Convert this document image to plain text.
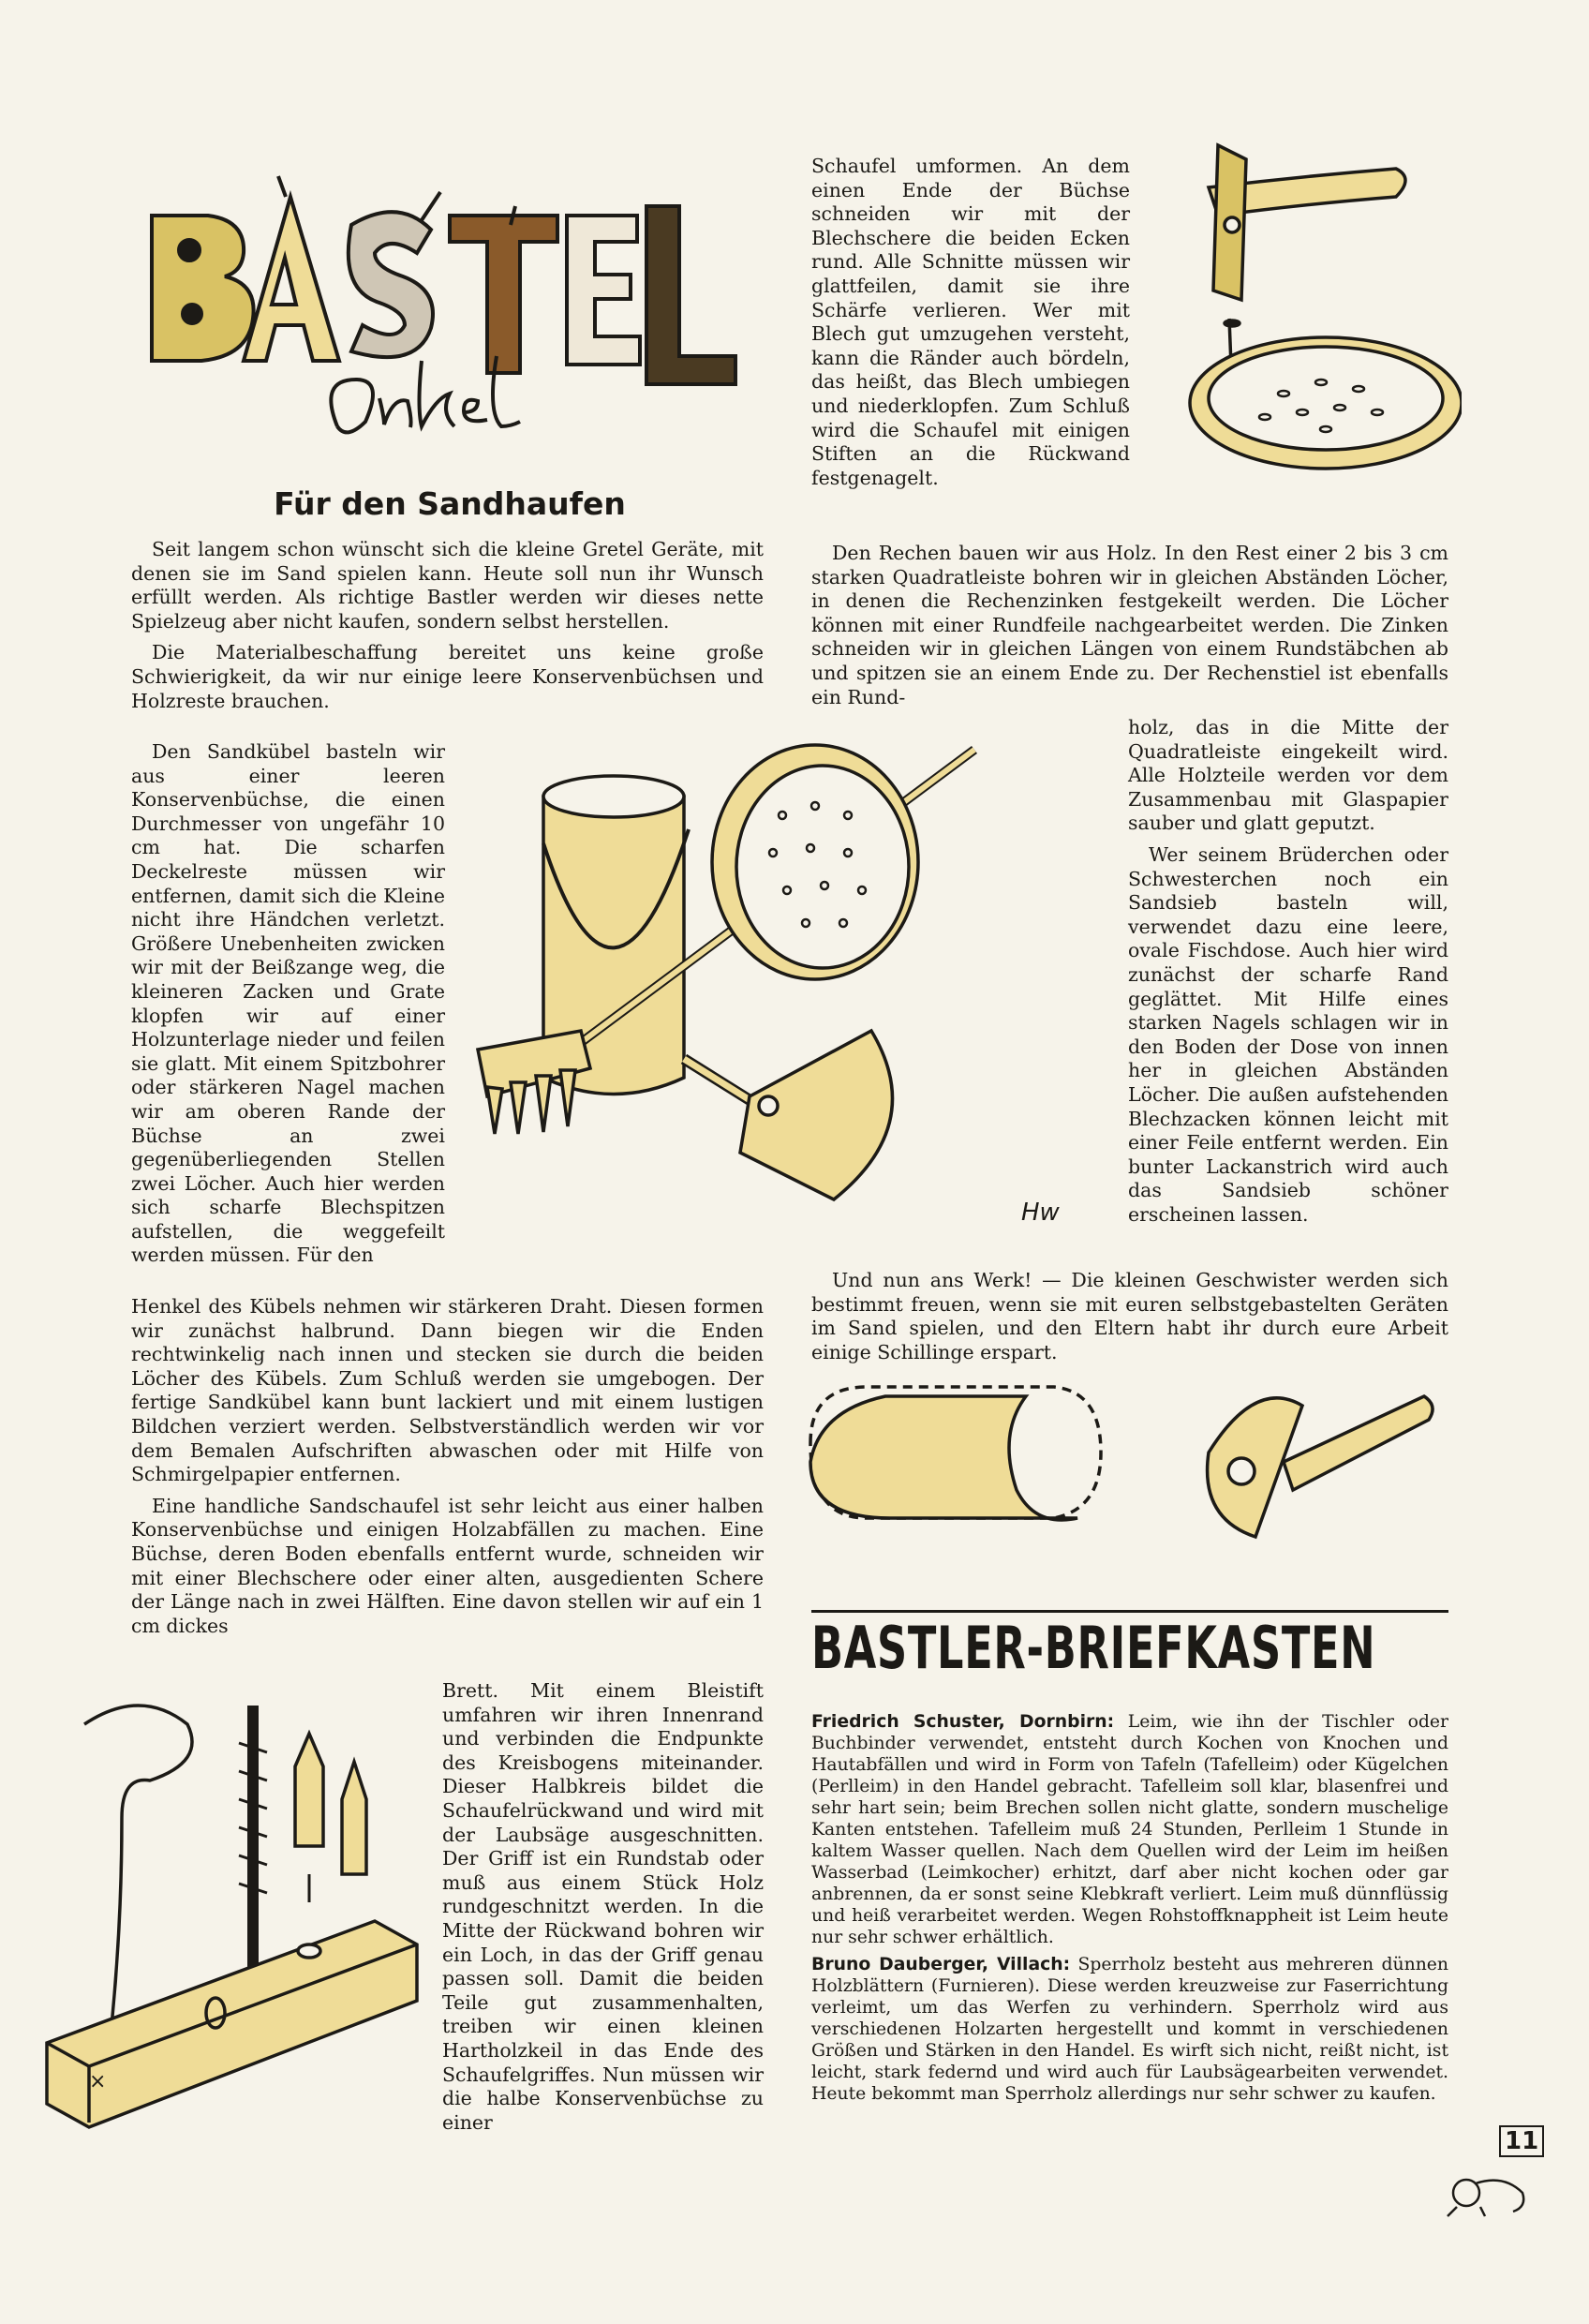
Für den Sandhaufen

Seit langem schon wünscht sich die kleine Gretel Geräte, mit denen sie im Sand spielen kann. Heute soll nun ihr Wunsch erfüllt werden. Als richtige Bastler werden wir dieses nette Spielzeug aber nicht kaufen, sondern selbst herstellen.

Die Materialbeschaffung bereitet uns keine große Schwierigkeit, da wir nur einige leere Konservenbüchsen und Holzreste brauchen.

Den Sandkübel basteln wir aus einer leeren Konservenbüchse, die einen Durchmesser von ungefähr 10 cm hat. Die scharfen Deckelreste müssen wir entfernen, damit sich die Kleine nicht ihre Händchen verletzt. Größere Unebenheiten zwicken wir mit der Beißzange weg, die kleineren Zacken und Grate klopfen wir auf einer Holzunterlage nieder und feilen sie glatt. Mit einem Spitzbohrer oder stärkeren Nagel machen wir am oberen Rande der Büchse an zwei gegenüberliegenden Stellen zwei Löcher. Auch hier werden sich scharfe Blechspitzen aufstellen, die weggefeilt werden müssen. Für den

Henkel des Kübels nehmen wir stärkeren Draht. Diesen formen wir zunächst halbrund. Dann biegen wir die Enden rechtwinkelig nach innen und stecken sie durch die beiden Löcher des Kübels. Zum Schluß werden sie umgebogen. Der fertige Sandkübel kann bunt lackiert und mit einem lustigen Bildchen verziert werden. Selbstverständlich werden wir vor dem Bemalen Aufschriften abwaschen oder mit Hilfe von Schmirgelpapier entfernen.

Eine handliche Sandschaufel ist sehr leicht aus einer halben Konservenbüchse und einigen Holzabfällen zu machen. Eine Büchse, deren Boden ebenfalls entfernt wurde, schneiden wir mit einer Blechschere oder einer alten, ausgedienten Schere der Länge nach in zwei Hälften. Eine davon stellen wir auf ein 1 cm dickes

Brett. Mit einem Bleistift umfahren wir ihren Innenrand und verbinden die Endpunkte des Kreisbogens miteinander. Dieser Halbkreis bildet die Schaufelrückwand und wird mit der Laubsäge ausgeschnitten. Der Griff ist ein Rundstab oder muß aus einem Stück Holz rundgeschnitzt werden. In die Mitte der Rückwand bohren wir ein Loch, in das der Griff genau passen soll. Damit die beiden Teile gut zusammenhalten, treiben wir einen kleinen Hartholzkeil in das Ende des Schaufelgriffes. Nun müssen wir die halbe Konservenbüchse zu einer

Schaufel umformen. An dem einen Ende der Büchse schneiden wir mit der Blechschere die beiden Ecken rund. Alle Schnitte müssen wir glattfeilen, damit sie ihre Schärfe verlieren. Wer mit Blech gut umzugehen versteht, kann die Ränder auch bördeln, das heißt, das Blech umbiegen und niederklopfen. Zum Schluß wird die Schaufel mit einigen Stiften an die Rückwand festgenagelt.

Den Rechen bauen wir aus Holz. In den Rest einer 2 bis 3 cm starken Quadratleiste bohren wir in gleichen Abständen Löcher, in denen die Rechenzinken festgekeilt werden. Die Löcher können mit einer Rundfeile nachgearbeitet werden. Die Zinken schneiden wir in gleichen Längen von einem Rundstäbchen ab und spitzen sie an einem Ende zu. Der Rechenstiel ist ebenfalls ein Rund-

holz, das in die Mitte der Quadratleiste eingekeilt wird. Alle Holzteile werden vor dem Zusammenbau mit Glaspapier sauber und glatt geputzt.

Wer seinem Brüderchen oder Schwesterchen noch ein Sandsieb basteln will, verwendet dazu eine leere, ovale Fischdose. Auch hier wird zunächst der scharfe Rand geglättet. Mit Hilfe eines starken Nagels schlagen wir in den Boden der Dose von innen her in gleichen Abständen Löcher. Die außen aufstehenden Blechzacken können leicht mit einer Feile entfernt werden. Ein bunter Lackanstrich wird auch das Sandsieb schöner erscheinen lassen.

Und nun ans Werk! — Die kleinen Geschwister werden sich bestimmt freuen, wenn sie mit euren selbstgebastelten Geräten im Sand spielen, und den Eltern habt ihr durch eure Arbeit einige Schillinge erspart.

Hw
×
BASTLER-BRIEFKASTEN

Friedrich Schuster, Dornbirn: Leim, wie ihn der Tischler oder Buchbinder verwendet, entsteht durch Kochen von Knochen und Hautabfällen und wird in Form von Tafeln (Tafelleim) oder Kügelchen (Perlleim) in den Handel gebracht. Tafelleim soll klar, blasenfrei und sehr hart sein; beim Brechen sollen nicht glatte, sondern muschelige Kanten entstehen. Tafelleim muß 24 Stunden, Perlleim 1 Stunde in kaltem Wasser quellen. Nach dem Quellen wird der Leim im heißen Wasserbad (Leimkocher) erhitzt, darf aber nicht kochen oder gar anbrennen, da er sonst seine Klebkraft verliert. Leim muß dünnflüssig und heiß verarbeitet werden. Wegen Rohstoffknappheit ist Leim heute nur sehr schwer erhältlich.

Bruno Dauberger, Villach: Sperrholz besteht aus mehreren dünnen Holzblättern (Furnieren). Diese werden kreuzweise zur Faserrichtung verleimt, um das Werfen zu verhindern. Sperrholz wird aus verschiedenen Holzarten hergestellt und kommt in verschiedenen Größen und Stärken in den Handel. Es wirft sich nicht, reißt nicht, ist leicht, stark federnd und wird auch für Laubsägearbeiten verwendet. Heute bekommt man Sperrholz allerdings nur sehr schwer zu kaufen.

11
